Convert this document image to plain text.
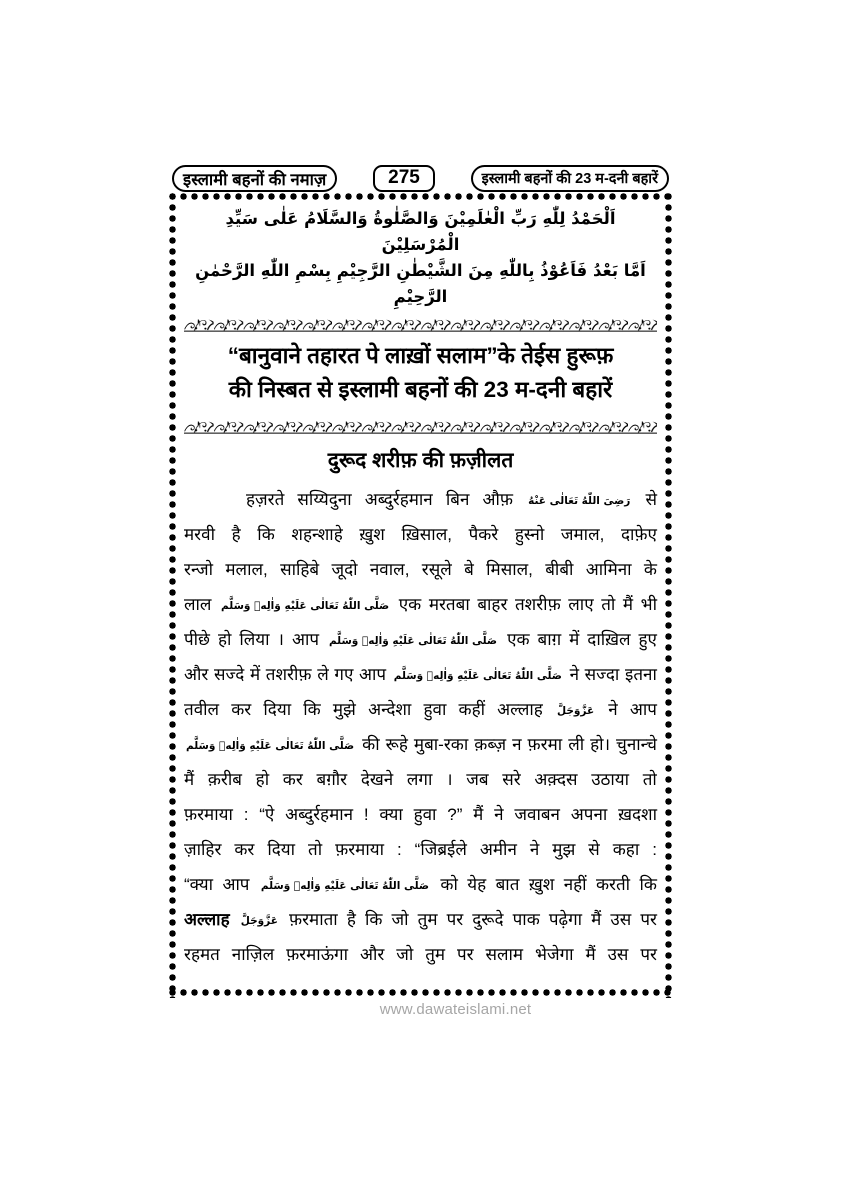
इस्लामी बहनों की नमाज़	275	इस्लामी बहनों की 23 म-दनी बहारें
اَلْحَمْدُ لِلّٰهِ رَبِّ الْعٰلَمِيْنَ وَالصَّلٰوةُ وَالسَّلَامُ عَلٰى سَيِّدِ الْمُرْسَلِيْنَ
اَمَّا بَعْدُ فَاَعُوْذُ بِاللّٰهِ مِنَ الشَّيْطٰنِ الرَّجِيْمِ بِسْمِ اللّٰهِ الرَّحْمٰنِ الرَّحِيْمِ
“बानुवाने तहारत पे लाख़ों सलाम”के तेईस हुरूफ़
की निस्बत से इस्लामी बहनों की 23 म-दनी बहारें
दुरूद शरीफ़ की फ़ज़ीलत
हज़रते सय्यिदुना अब्दुर्रहमान बिन औफ़ رَضِیَ اللّٰهُ تَعَالٰی عَنْهُ से
मरवी है कि शहन्शाहे ख़ुश ख़िसाल, पैकरे हुस्नो जमाल, दाफ़ेए
रन्जो मलाल, साहिबे जूदो नवाल, रसूले बे मिसाल, बीबी आमिना के
लाल صَلَّى اللّٰهُ تَعَالٰى عَلَيْهِ وَاٰلِهٖ وَسَلَّم एक मरतबा बाहर तशरीफ़ लाए तो मैं भी
पीछे हो लिया । आप صَلَّى اللّٰهُ تَعَالٰى عَلَيْهِ وَاٰلِهٖ وَسَلَّم एक बाग़ में दाख़िल हुए
और सज्दे में तशरीफ़ ले गए आप صَلَّى اللّٰهُ تَعَالٰى عَلَيْهِ وَاٰلِهٖ وَسَلَّم ने सज्दा इतना
तवील कर दिया कि मुझे अन्देशा हुवा कहीं अल्लाह عَزَّوَجَلَّ ने आप
صَلَّى اللّٰهُ تَعَالٰى عَلَيْهِ وَاٰلِهٖ وَسَلَّم की रूहे मुबा-रका क़ब्ज़ न फ़रमा ली हो। चुनान्चे
मैं क़रीब हो कर बग़ौर देखने लगा । जब सरे अक़्दस उठाया तो
फ़रमाया : “ऐ अब्दुर्रहमान ! क्या हुवा ?” मैं ने जवाबन अपना ख़दशा
ज़ाहिर कर दिया तो फ़रमाया : “जिब्रईले अमीन ने मुझ से कहा :
“क्या आप صَلَّى اللّٰهُ تَعَالٰى عَلَيْهِ وَاٰلِهٖ وَسَلَّم को येह बात ख़ुश नहीं करती कि
अल्लाह عَزَّوَجَلَّ फ़रमाता है कि जो तुम पर दुरूदे पाक पढ़ेगा मैं उस पर
रहमत नाज़िल फ़रमाऊंगा और जो तुम पर सलाम भेजेगा मैं उस पर
www.dawateislami.net
